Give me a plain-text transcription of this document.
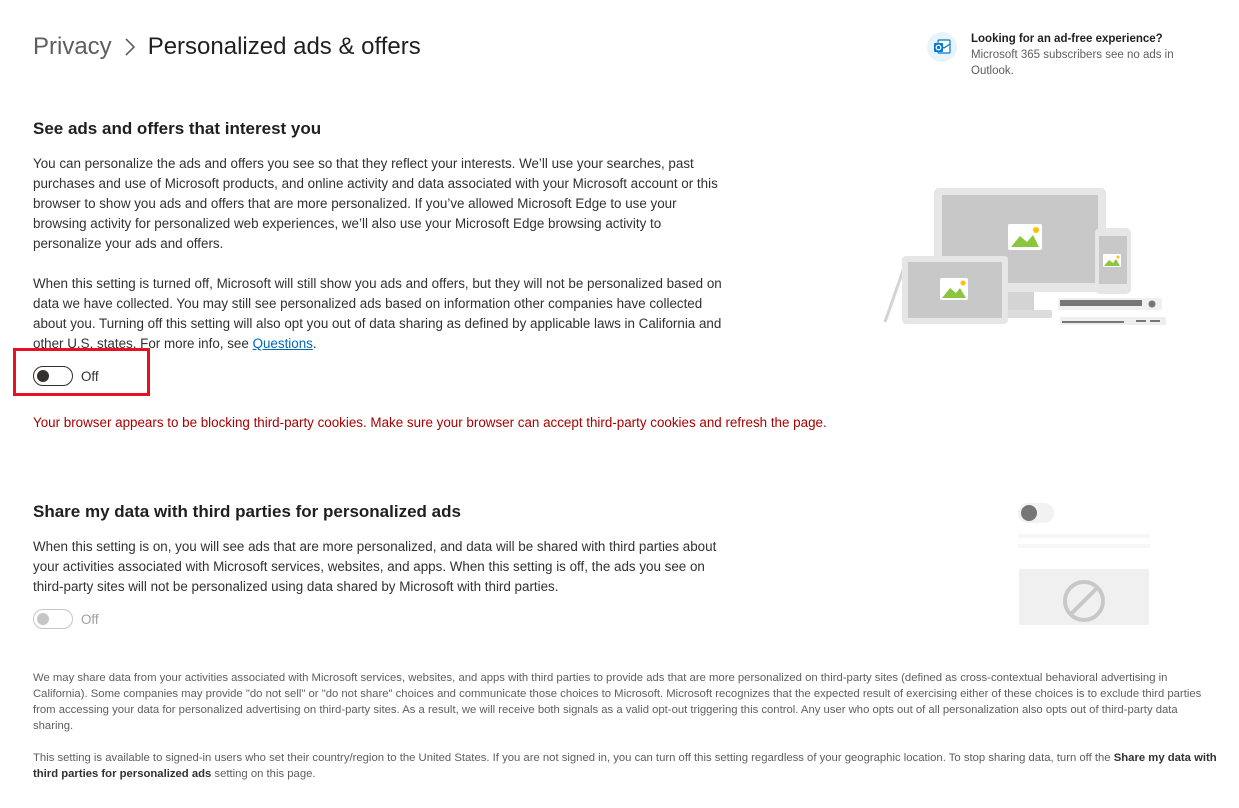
Privacy Personalized ads & offers	Looking for an ad-free experience?
Microsoft 365 subscribers see no ads in Outlook.
See ads and offers that interest you
You can personalize the ads and offers you see so that they reflect your interests. We’ll use your searches, past purchases and use of Microsoft products, and online activity and data associated with your Microsoft account or this browser to show you ads and offers that are more personalized. If you’ve allowed Microsoft Edge to use your browsing activity for personalized web experiences, we’ll also use your Microsoft Edge browsing activity to personalize your ads and offers.
When this setting is turned off, Microsoft will still show you ads and offers, but they will not be personalized based on data we have collected. You may still see personalized ads based on information other companies have collected about you. Turning off this setting will also opt you out of data sharing as defined by applicable laws in California and other U.S. states. For more info, see Questions.
Off
Your browser appears to be blocking third-party cookies. Make sure your browser can accept third-party cookies and refresh the page.
Share my data with third parties for personalized ads
When this setting is on, you will see ads that are more personalized, and data will be shared with third parties about your activities associated with Microsoft services, websites, and apps. When this setting is off, the ads you see on third-party sites will not be personalized using data shared by Microsoft with third parties.
Off
We may share data from your activities associated with Microsoft services, websites, and apps with third parties to provide ads that are more personalized on third-party sites (defined as cross-contextual behavioral advertising in California). Some companies may provide "do not sell" or "do not share" choices and communicate those choices to Microsoft. Microsoft recognizes that the expected result of exercising either of these choices is to exclude third parties from accessing your data for personalized advertising on third-party sites. As a result, we will receive both signals as a valid opt-out triggering this control. Any user who opts out of all personalization also opts out of third-party data sharing.
This setting is available to signed-in users who set their country/region to the United States. If you are not signed in, you can turn off this setting regardless of your geographic location. To stop sharing data, turn off the Share my data with third parties for personalized ads setting on this page.
